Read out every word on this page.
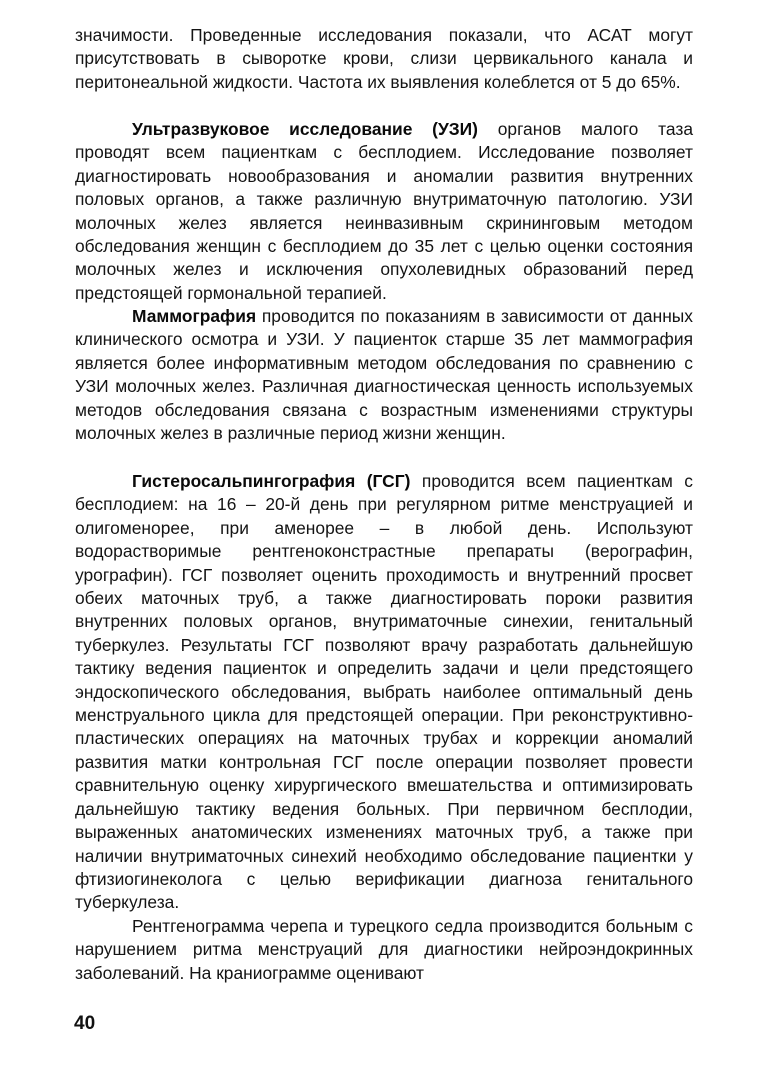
значимости. Проведенные исследования показали, что АСАТ могут присутствовать в сыворотке крови, слизи цервикального канала и перитонеальной жидкости. Частота их выявления колеблется от 5 до 65%.

Ультразвуковое исследование (УЗИ) органов малого таза проводят всем пациенткам с бесплодием. Исследование позволяет диагностировать новообразования и аномалии развития внутренних половых органов, а также различную внутриматочную патологию. УЗИ молочных желез является неинвазивным скрининговым методом обследования женщин с бесплодием до 35 лет с целью оценки состояния молочных желез и исключения опухолевидных образований перед предстоящей гормональной терапией.

Маммография проводится по показаниям в зависимости от данных клинического осмотра и УЗИ. У пациенток старше 35 лет маммография является более информативным методом обследования по сравнению с УЗИ молочных желез. Различная диагностическая ценность используемых методов обследования связана с возрастным изменениями структуры молочных желез в различные период жизни женщин.

Гистеросальпингография (ГСГ) проводится всем пациенткам с бесплодием: на 16 – 20-й день при регулярном ритме менструацией и олигоменорее, при аменорее – в любой день. Используют водорастворимые рентгеноконстрастные препараты (верографин, урографин). ГСГ позволяет оценить проходимость и внутренний просвет обеих маточных труб, а также диагностировать пороки развития внутренних половых органов, внутриматочные синехии, генитальный туберкулез. Результаты ГСГ позволяют врачу разработать дальнейшую тактику ведения пациенток и определить задачи и цели предстоящего эндоскопического обследования, выбрать наиболее оптимальный день менструального цикла для предстоящей операции. При реконструктивно-пластических операциях на маточных трубах и коррекции аномалий развития матки контрольная ГСГ после операции позволяет провести сравнительную оценку хирургического вмешательства и оптимизировать дальнейшую тактику ведения больных. При первичном бесплодии, выраженных анатомических изменениях маточных труб, а также при наличии внутриматочных синехий необходимо обследование пациентки у фтизиогинеколога с целью верификации диагноза генитального туберкулеза.

Рентгенограмма черепа и турецкого седла производится больным с нарушением ритма менструаций для диагностики нейроэндокринных заболеваний. На краниограмме оценивают

40
